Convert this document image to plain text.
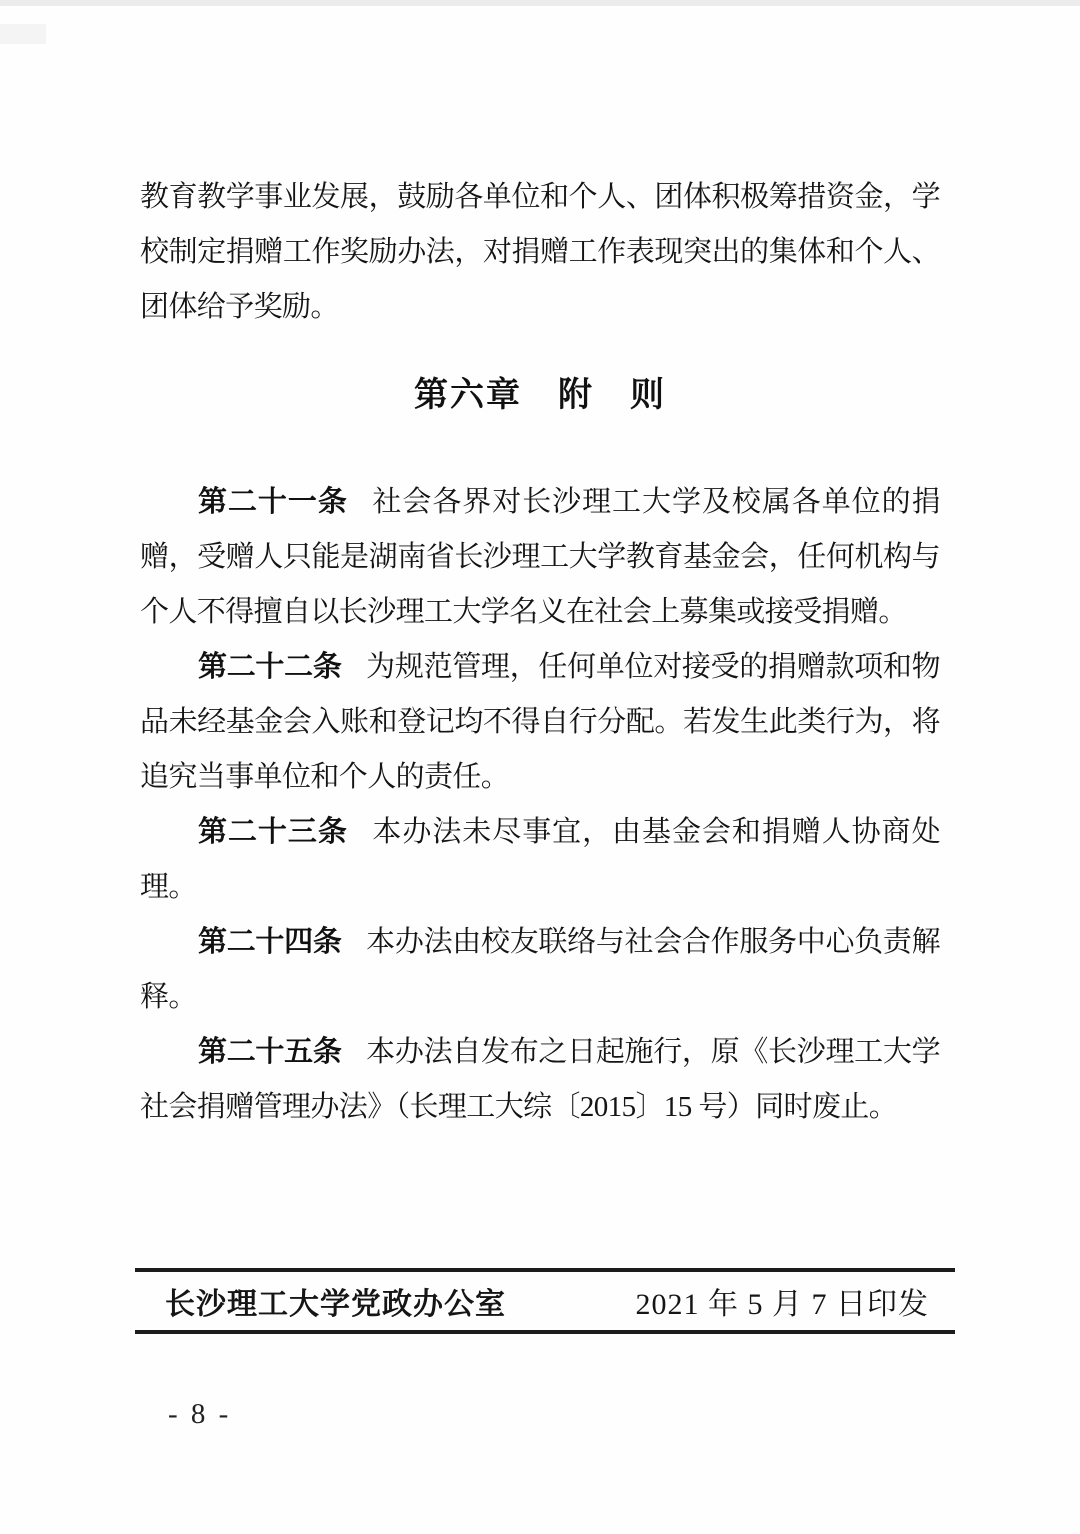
教育教学事业发展，鼓励各单位和个人、团体积极筹措资金，学校制定捐赠工作奖励办法，对捐赠工作表现突出的集体和个人、团体给予奖励。

第六章　附　则

第二十一条 社会各界对长沙理工大学及校属各单位的捐赠，受赠人只能是湖南省长沙理工大学教育基金会，任何机构与个人不得擅自以长沙理工大学名义在社会上募集或接受捐赠。

第二十二条 为规范管理，任何单位对接受的捐赠款项和物品未经基金会入账和登记均不得自行分配。若发生此类行为，将追究当事单位和个人的责任。

第二十三条 本办法未尽事宜，由基金会和捐赠人协商处理。

第二十四条 本办法由校友联络与社会合作服务中心负责解释。

第二十五条 本办法自发布之日起施行，原《长沙理工大学社会捐赠管理办法》（长理工大综〔2015〕15 号）同时废止。

长沙理工大学党政办公室	2021 年 5 月 7 日印发
- 8 -
